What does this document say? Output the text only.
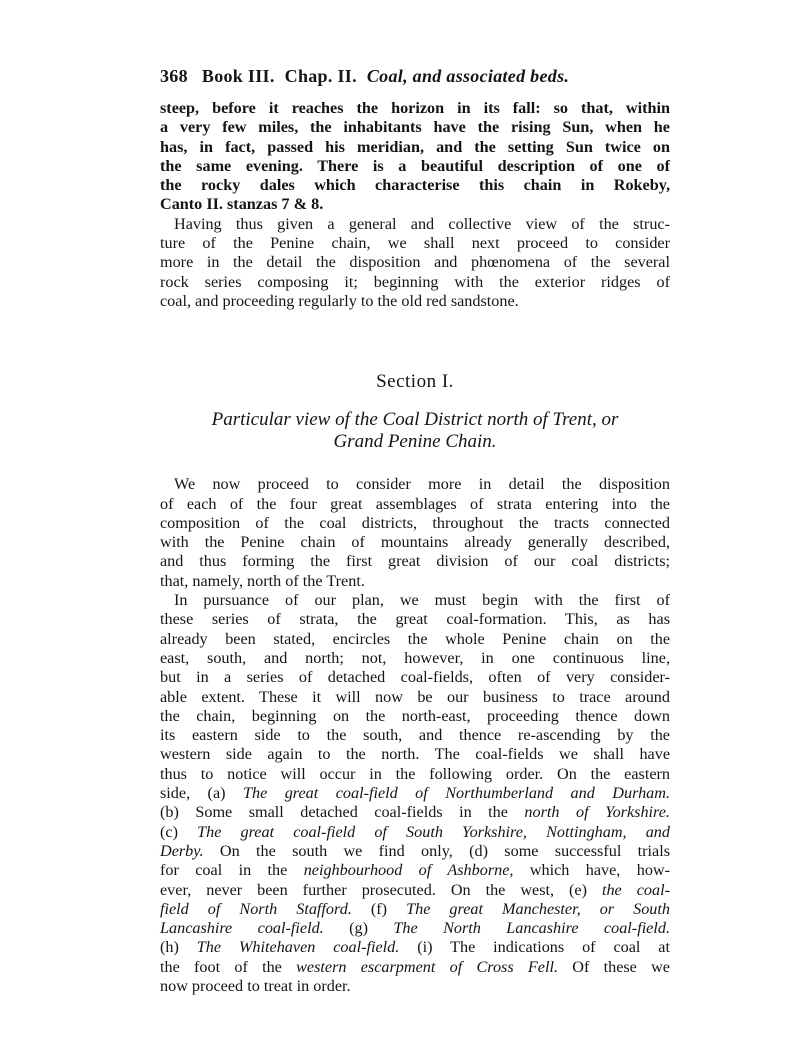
368 Book III. Chap. II. Coal, and associated beds.
steep, before it reaches the horizon in its fall: so that, within
a very few miles, the inhabitants have the rising Sun, when he
has, in fact, passed his meridian, and the setting Sun twice on
the same evening. There is a beautiful description of one of
the rocky dales which characterise this chain in Rokeby,
Canto II. stanzas 7 & 8.
Having thus given a general and collective view of the struc-
ture of the Penine chain, we shall next proceed to consider
more in the detail the disposition and phœnomena of the several
rock series composing it; beginning with the exterior ridges of
coal, and proceeding regularly to the old red sandstone.
Section I.
Particular view of the Coal District north of Trent, or
Grand Penine Chain.
We now proceed to consider more in detail the disposition
of each of the four great assemblages of strata entering into the
composition of the coal districts, throughout the tracts connected
with the Penine chain of mountains already generally described,
and thus forming the first great division of our coal districts;
that, namely, north of the Trent.
In pursuance of our plan, we must begin with the first of
these series of strata, the great coal-formation. This, as has
already been stated, encircles the whole Penine chain on the
east, south, and north; not, however, in one continuous line,
but in a series of detached coal-fields, often of very consider-
able extent. These it will now be our business to trace around
the chain, beginning on the north-east, proceeding thence down
its eastern side to the south, and thence re-ascending by the
western side again to the north. The coal-fields we shall have
thus to notice will occur in the following order. On the eastern
side, (a) The great coal-field of Northumberland and Durham.
(b) Some small detached coal-fields in the north of Yorkshire.
(c) The great coal-field of South Yorkshire, Nottingham, and
Derby. On the south we find only, (d) some successful trials
for coal in the neighbourhood of Ashborne, which have, how-
ever, never been further prosecuted. On the west, (e) the coal-
field of North Stafford. (f) The great Manchester, or South
Lancashire coal-field. (g) The North Lancashire coal-field.
(h) The Whitehaven coal-field. (i) The indications of coal at
the foot of the western escarpment of Cross Fell. Of these we
now proceed to treat in order.
